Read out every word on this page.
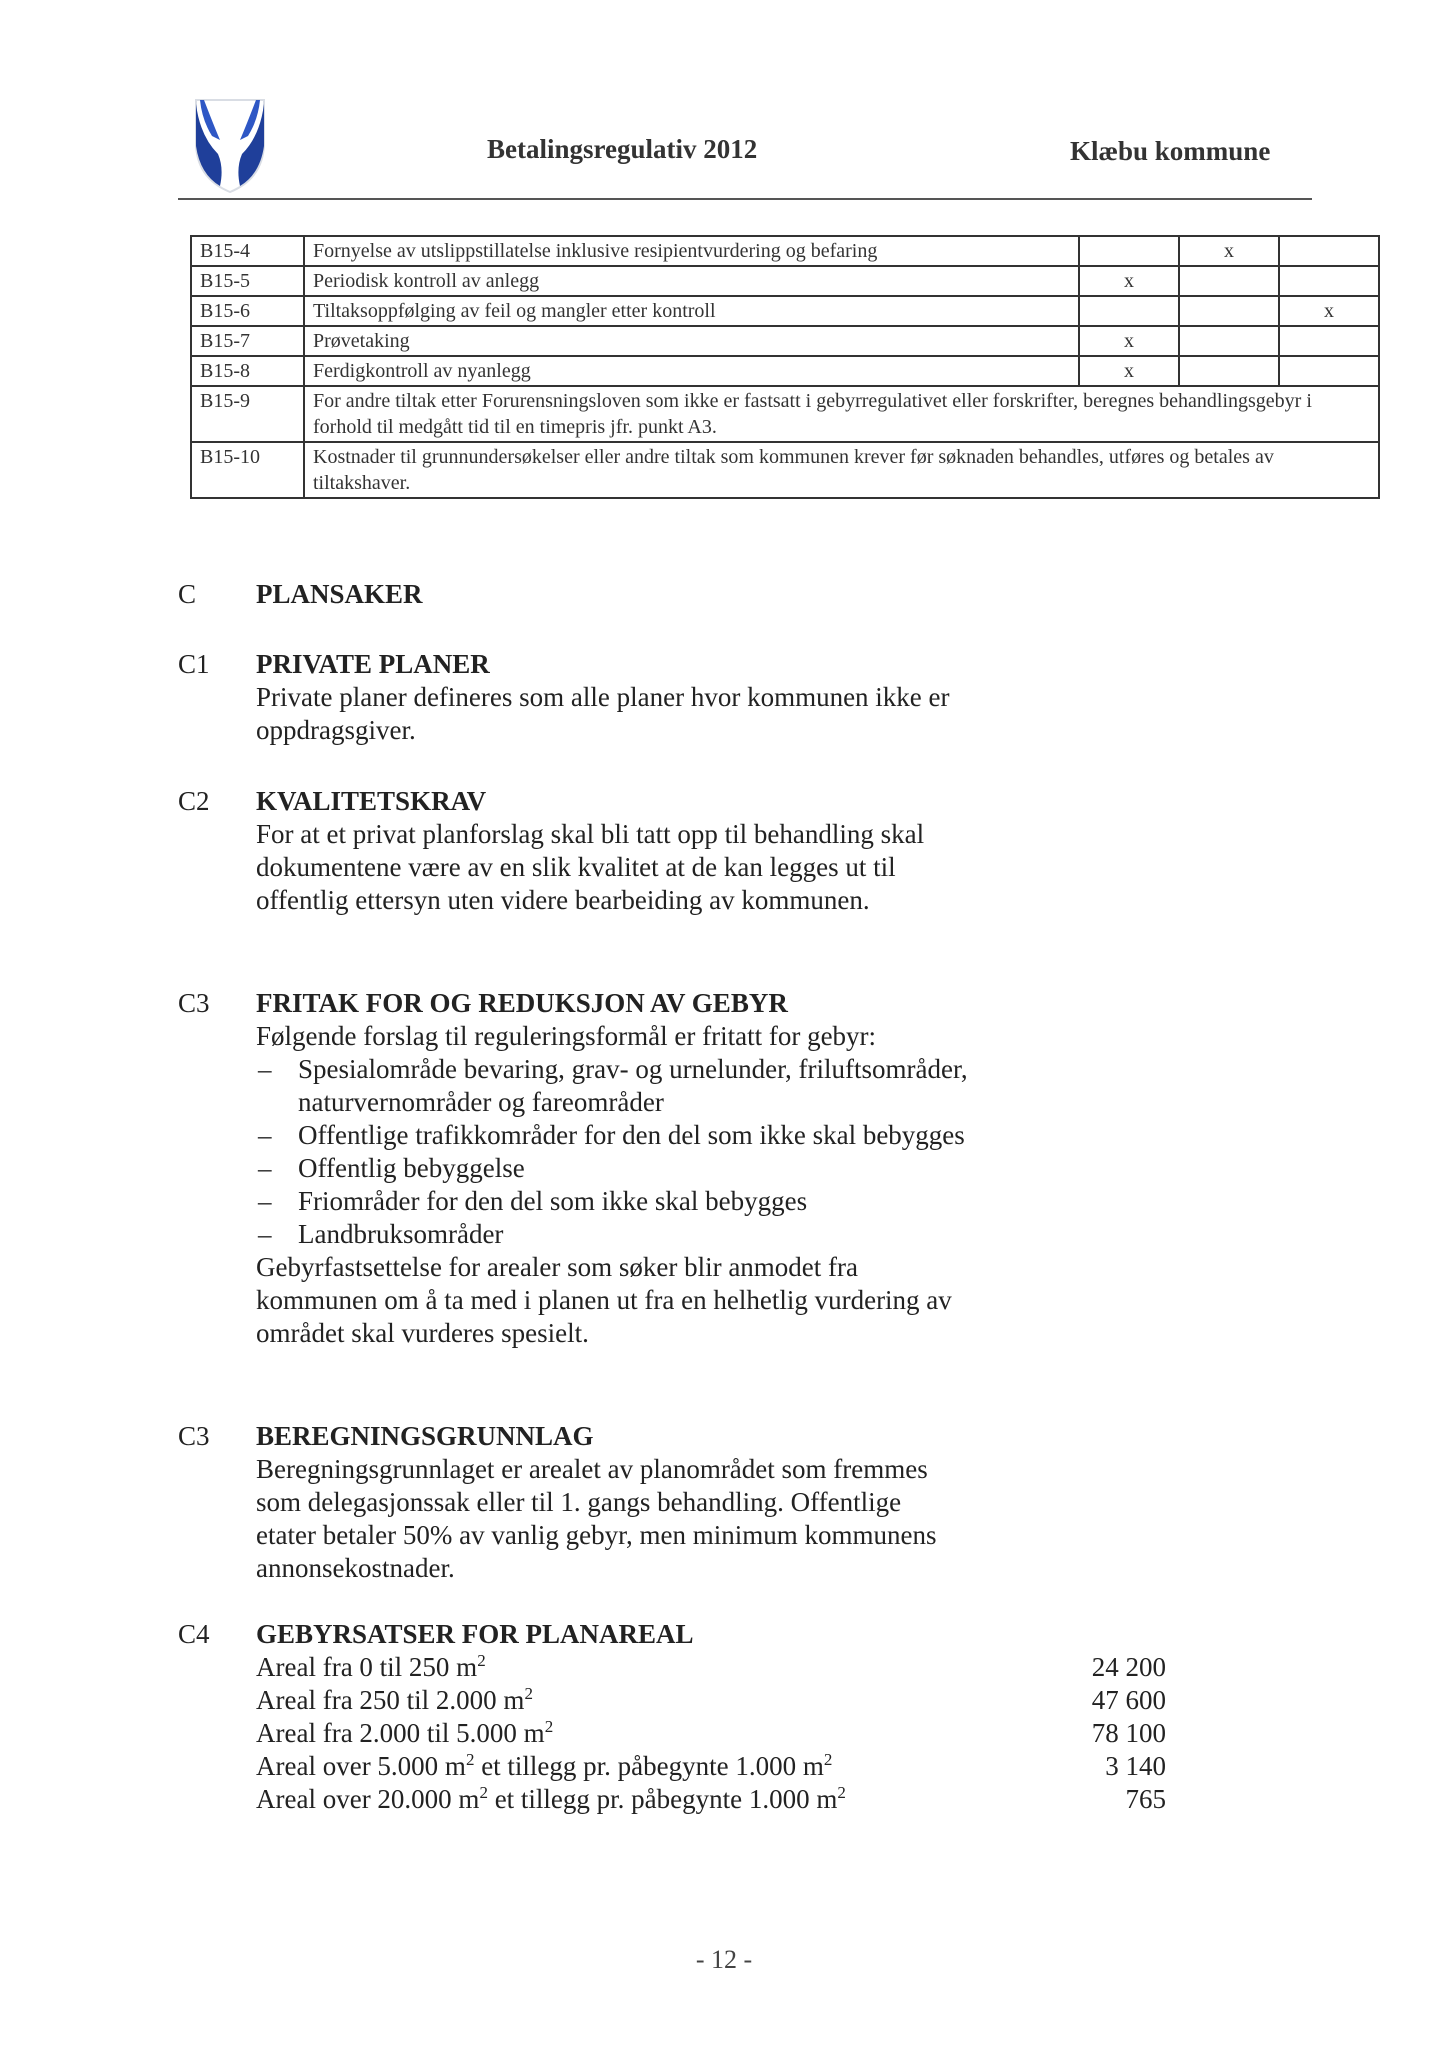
Betalingsregulativ 2012	Klæbu kommune
B15-4	Fornyelse av utslippstillatelse inklusive resipientvurdering og befaring		x	
B15-5	Periodisk kontroll av anlegg	x		
B15-6	Tiltaksoppfølging av feil og mangler etter kontroll			x
B15-7	Prøvetaking	x		
B15-8	Ferdigkontroll av nyanlegg	x		
B15-9	For andre tiltak etter Forurensningsloven som ikke er fastsatt i gebyrregulativet eller forskrifter, beregnes behandlingsgebyr i forhold til medgått tid til en timepris jfr. punkt A3.			
B15-10	Kostnader til grunnundersøkelser eller andre tiltak som kommunen krever før søknaden behandles, utføres og betales av tiltakshaver.			
C PLANSAKER
C1 PRIVATE PLANER

Private planer defineres som alle planer hvor kommunen ikke er oppdragsgiver.

C2 KVALITETSKRAV

For at et privat planforslag skal bli tatt opp til behandling skal dokumentene være av en slik kvalitet at de kan legges ut til offentlig ettersyn uten videre bearbeiding av kommunen.

C3 FRITAK FOR OG REDUKSJON AV GEBYR

Følgende forslag til reguleringsformål er fritatt for gebyr:

– Spesialområde bevaring, grav- og urnelunder, friluftsområder, naturvernområder og fareområder
– Offentlige trafikkområder for den del som ikke skal bebygges
– Offentlig bebyggelse
– Friområder for den del som ikke skal bebygges
– Landbruksområder

Gebyrfastsettelse for arealer som søker blir anmodet fra kommunen om å ta med i planen ut fra en helhetlig vurdering av området skal vurderes spesielt.

C3 BEREGNINGSGRUNNLAG

Beregningsgrunnlaget er arealet av planområdet som fremmes som delegasjonssak eller til 1. gangs behandling. Offentlige etater betaler 50% av vanlig gebyr, men minimum kommunens annonsekostnader.

C4 GEBYRSATSER FOR PLANAREAL
Areal fra 0 til 250 $m^2$	24 200
Areal fra 250 til 2.000 $m^2$	47 600
Areal fra 2.000 til 5.000 $m^2$	78 100
Areal over 5.000 $m^2$ et tillegg pr. påbegynte 1.000 $m^2$	3 140
Areal over 20.000 $m^2$ et tillegg pr. påbegynte 1.000 $m^2$	765
- 12 -
